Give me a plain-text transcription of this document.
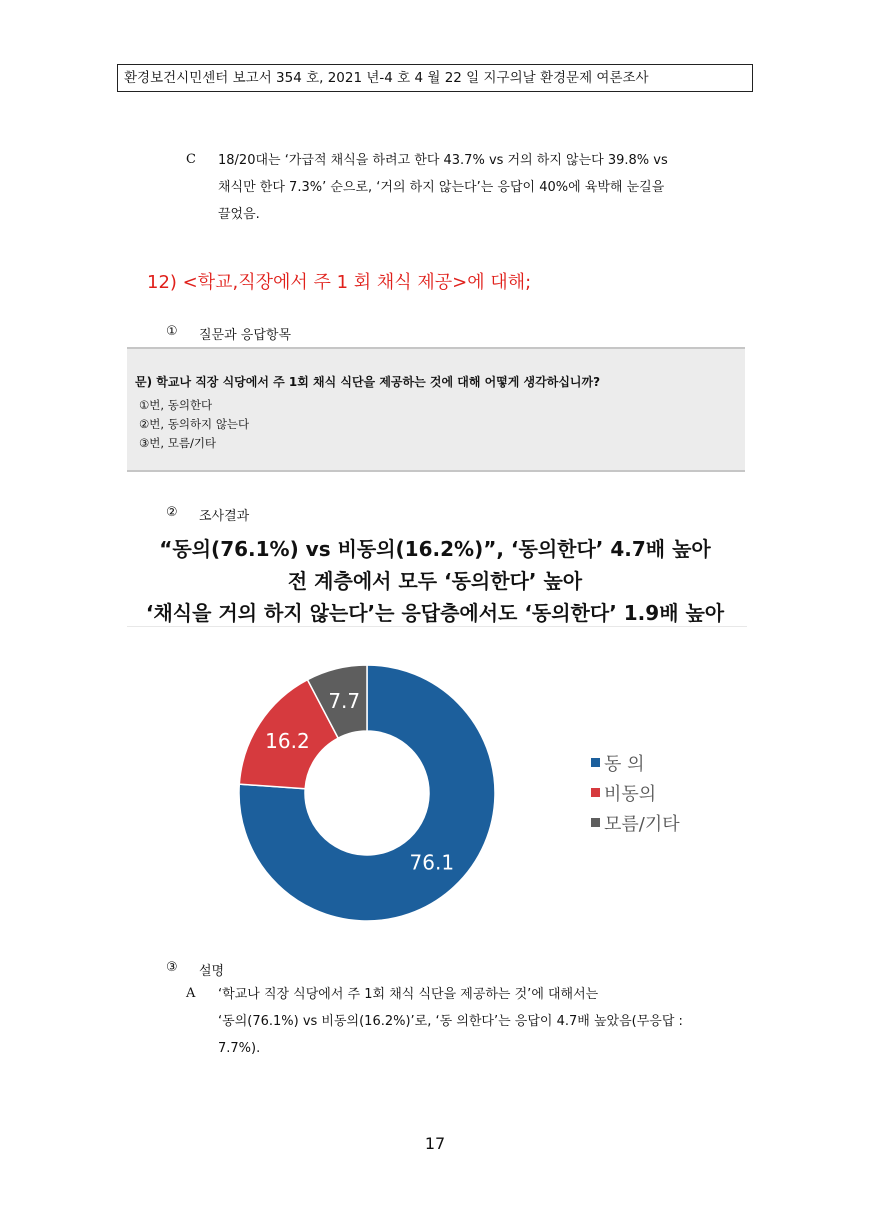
환경보건시민센터 보고서 354 호, 2021 년-4 호 4 월 22 일 지구의날 환경문제 여론조사
C 18/20대는 ‘가급적 채식을 하려고 한다 43.7% vs 거의 하지 않는다 39.8% vs
채식만 한다 7.3%’ 순으로, ‘거의 하지 않는다’는 응답이 40%에 육박해 눈길을
끌었음.
12) <학교,직장에서 주 1 회 채식 제공>에 대해;
① 질문과 응답항목
문) 학교나 직장 식당에서 주 1회 채식 식단을 제공하는 것에 대해 어떻게 생각하십니까?
①번, 동의한다
②번, 동의하지 않는다
③번, 모름/기타
② 조사결과
“동의(76.1%) vs 비동의(16.2%)”, ‘동의한다’ 4.7배 높아
전 계층에서 모두 ‘동의한다’ 높아
‘채식을 거의 하지 않는다’는 응답층에서도 ‘동의한다’ 1.9배 높아
76.1
16.2
7.7
동 의
비동의
모름/기타
③ 설명
A ‘학교나 직장 식당에서 주 1회 채식 식단을 제공하는 것’에 대해서는
‘동의(76.1%) vs 비동의(16.2%)’로, ‘동 의한다’는 응답이 4.7배 높았음(무응답 :
7.7%).
17
